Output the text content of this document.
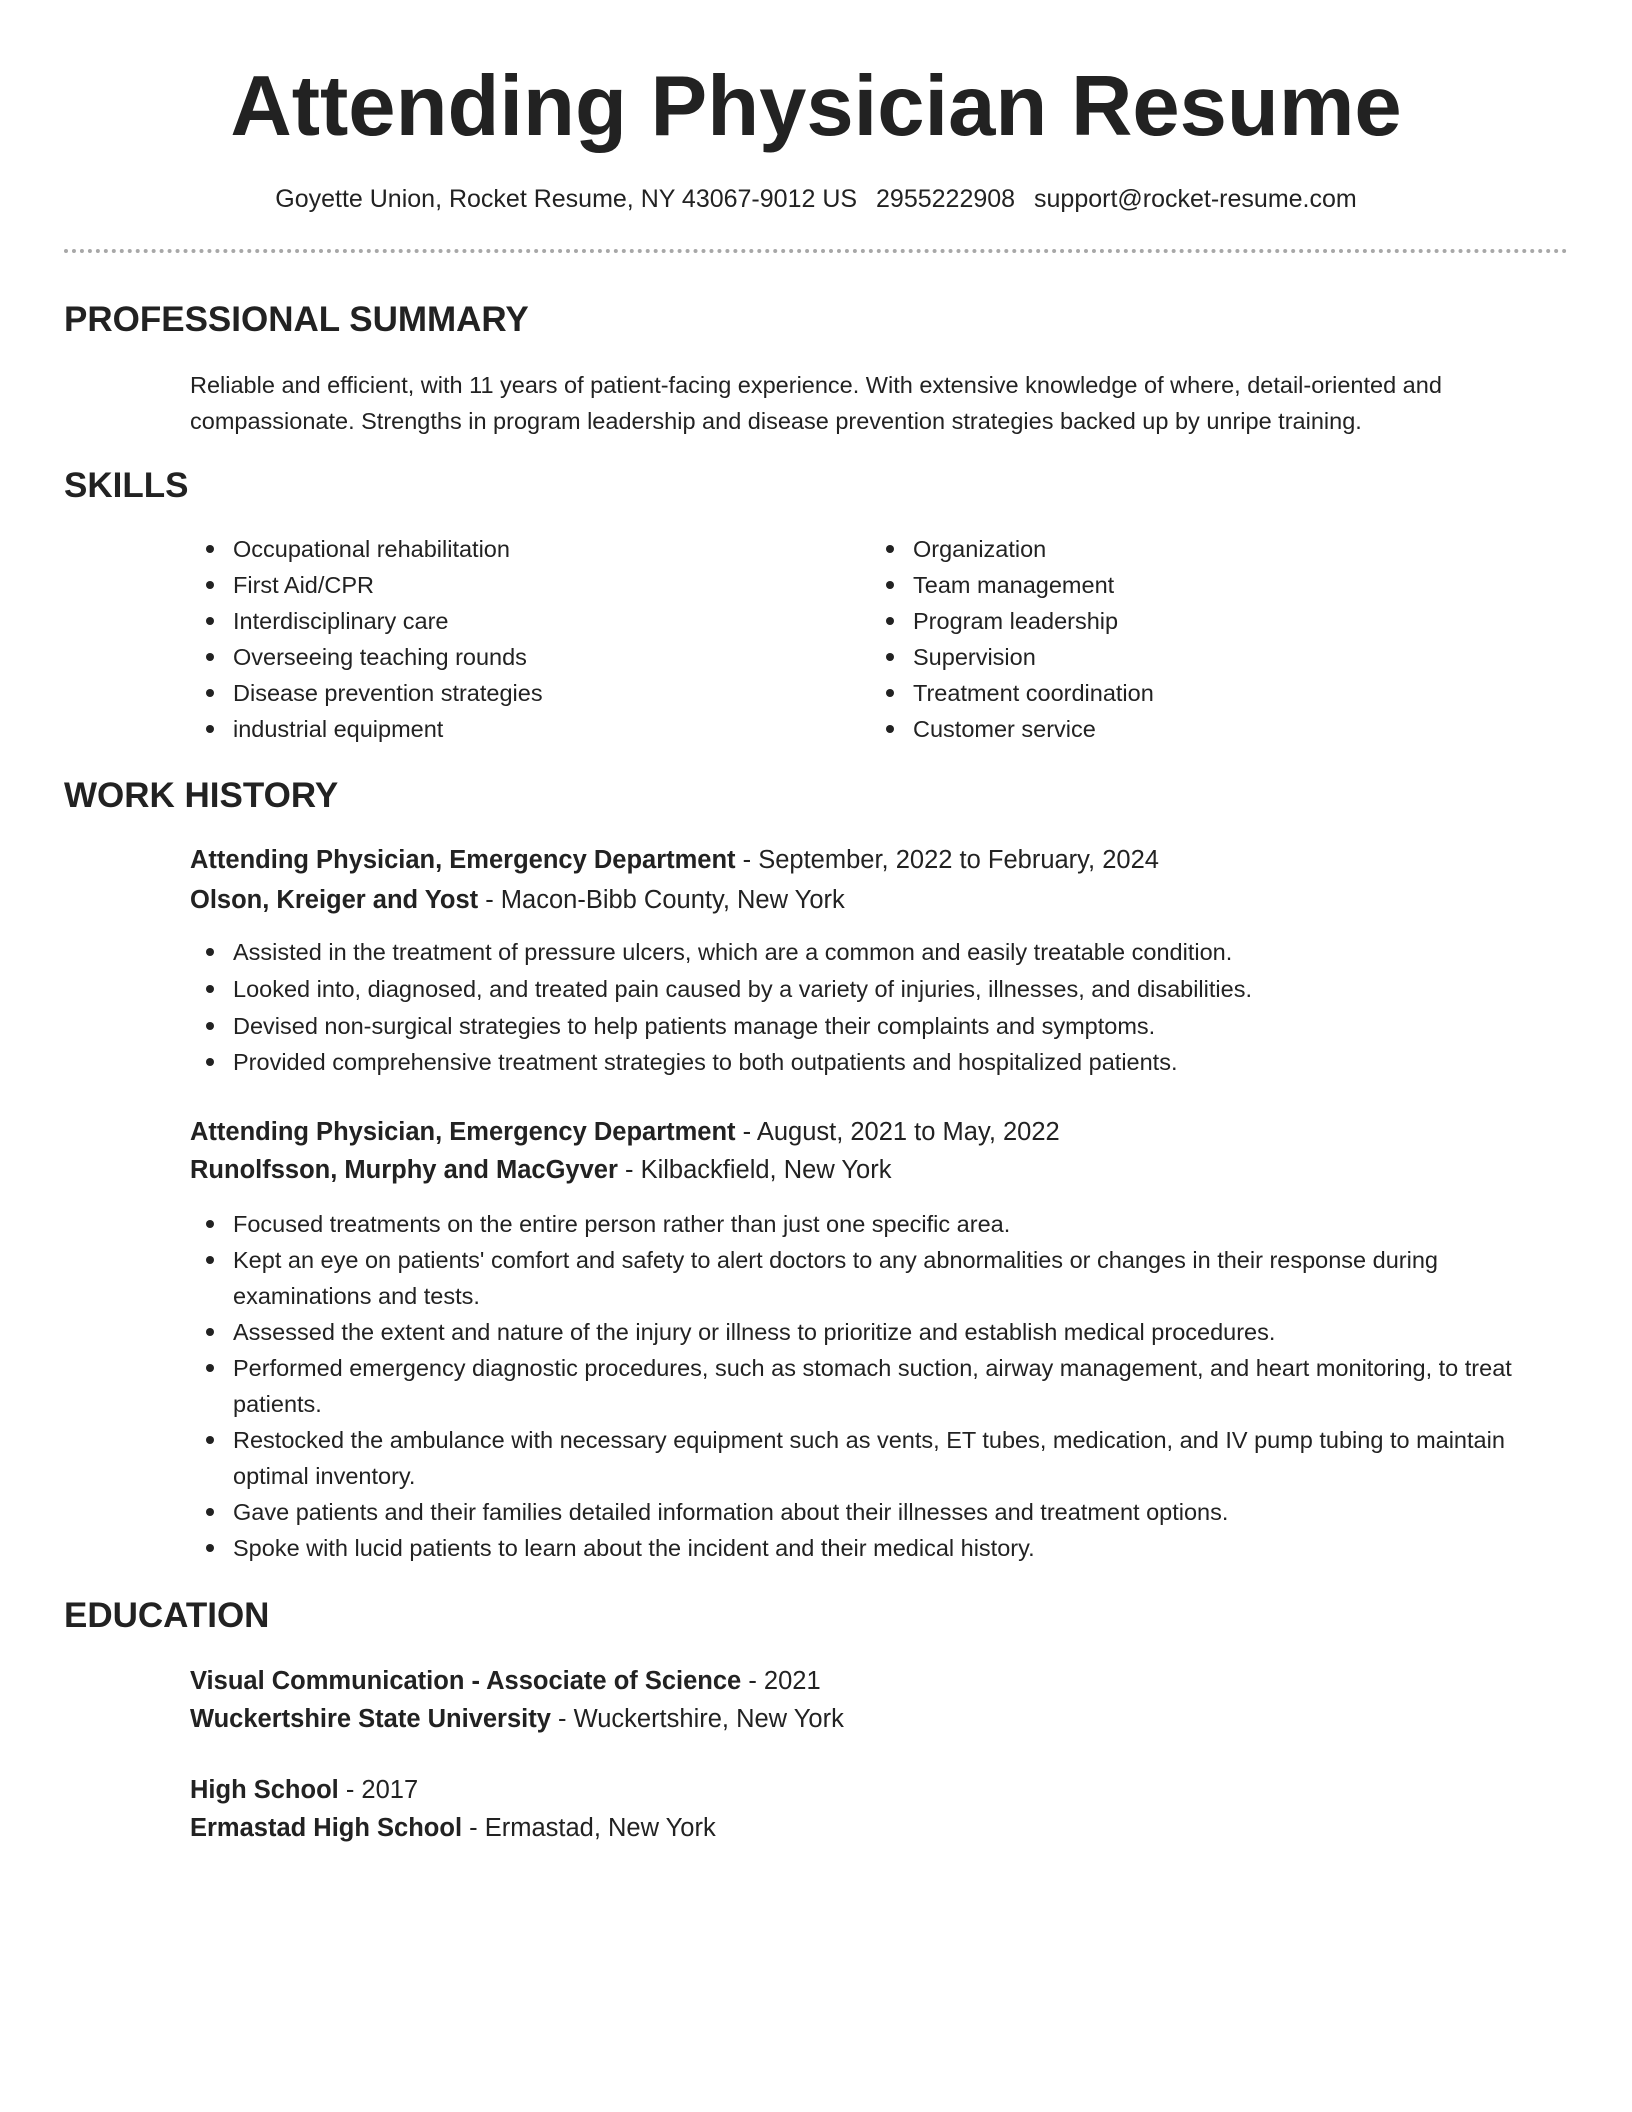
Attending Physician Resume
Goyette Union, Rocket Resume, NY 43067-9012 US 2955222908 support@rocket-resume.com
PROFESSIONAL SUMMARY

Reliable and efficient, with 11 years of patient-facing experience. With extensive knowledge of where, detail-oriented and compassionate. Strengths in program leadership and disease prevention strategies backed up by unripe training.

SKILLS
Occupational rehabilitation
First Aid/CPR
Interdisciplinary care
Overseeing teaching rounds
Disease prevention strategies
industrial equipment
Organization
Team management
Program leadership
Supervision
Treatment coordination
Customer service
WORK HISTORY
Attending Physician, Emergency Department - September, 2022 to February, 2024
Olson, Kreiger and Yost - Macon-Bibb County, New York
Assisted in the treatment of pressure ulcers, which are a common and easily treatable condition.
Looked into, diagnosed, and treated pain caused by a variety of injuries, illnesses, and disabilities.
Devised non-surgical strategies to help patients manage their complaints and symptoms.
Provided comprehensive treatment strategies to both outpatients and hospitalized patients.
Attending Physician, Emergency Department - August, 2021 to May, 2022
Runolfsson, Murphy and MacGyver - Kilbackfield, New York
Focused treatments on the entire person rather than just one specific area.
Kept an eye on patients' comfort and safety to alert doctors to any abnormalities or changes in their response during examinations and tests.
Assessed the extent and nature of the injury or illness to prioritize and establish medical procedures.
Performed emergency diagnostic procedures, such as stomach suction, airway management, and heart monitoring, to treat patients.
Restocked the ambulance with necessary equipment such as vents, ET tubes, medication, and IV pump tubing to maintain optimal inventory.
Gave patients and their families detailed information about their illnesses and treatment options.
Spoke with lucid patients to learn about the incident and their medical history.
EDUCATION
Visual Communication - Associate of Science - 2021
Wuckertshire State University - Wuckertshire, New York
High School - 2017
Ermastad High School - Ermastad, New York
